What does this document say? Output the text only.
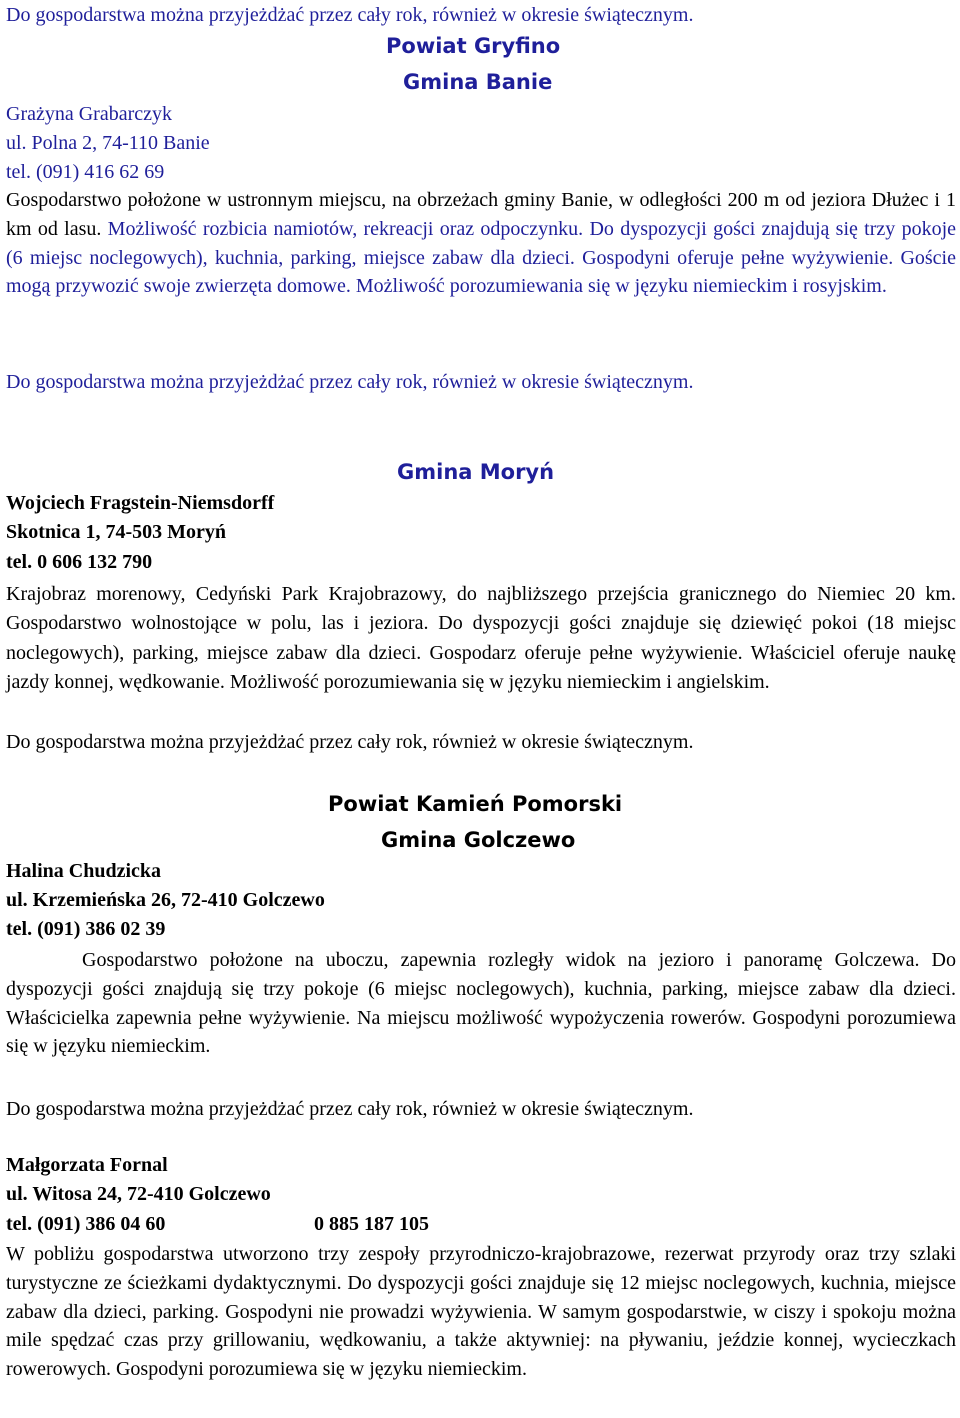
Do gospodarstwa można przyjeżdżać przez cały rok, również w okresie świątecznym.
Powiat Gryfino
Gmina Banie
Grażyna Grabarczyk
ul. Polna 2, 74-110 Banie
tel. (091) 416 62 69
Gospodarstwo położone w ustronnym miejscu, na obrzeżach gminy Banie, w odległości 200 m od jeziora Dłużec i 1 km od lasu. Możliwość rozbicia namiotów, rekreacji oraz odpoczynku. Do dyspozycji gości znajdują się trzy pokoje (6 miejsc noclegowych), kuchnia, parking, miejsce zabaw dla dzieci. Gospodyni oferuje pełne wyżywienie. Goście mogą przywozić swoje zwierzęta domowe. Możliwość porozumiewania się w języku niemieckim i rosyjskim.
Do gospodarstwa można przyjeżdżać przez cały rok, również w okresie świątecznym.
Gmina Moryń
Wojciech Fragstein-Niemsdorff
Skotnica 1, 74-503 Moryń
tel. 0 606 132 790
Krajobraz morenowy, Cedyński Park Krajobrazowy, do najbliższego przejścia granicznego do Niemiec 20 km. Gospodarstwo wolnostojące w polu, las i jeziora. Do dyspozycji gości znajduje się dziewięć pokoi (18 miejsc noclegowych), parking, miejsce zabaw dla dzieci. Gospodarz oferuje pełne wyżywienie. Właściciel oferuje naukę jazdy konnej, wędkowanie. Możliwość porozumiewania się w języku niemieckim i angielskim.
Do gospodarstwa można przyjeżdżać przez cały rok, również w okresie świątecznym.
Powiat Kamień Pomorski
Gmina Golczewo
Halina Chudzicka
ul. Krzemieńska 26, 72-410 Golczewo
tel. (091) 386 02 39
Gospodarstwo położone na uboczu, zapewnia rozległy widok na jezioro i panoramę Golczewa. Do dyspozycji gości znajdują się trzy pokoje (6 miejsc noclegowych), kuchnia, parking, miejsce zabaw dla dzieci. Właścicielka zapewnia pełne wyżywienie. Na miejscu możliwość wypożyczenia rowerów. Gospodyni porozumiewa się w języku niemieckim.
Do gospodarstwa można przyjeżdżać przez cały rok, również w okresie świątecznym.
Małgorzata Fornal
ul. Witosa 24, 72-410 Golczewo
tel. (091) 386 04 60	0 885 187 105
W pobliżu gospodarstwa utworzono trzy zespoły przyrodniczo-krajobrazowe, rezerwat przyrody oraz trzy szlaki turystyczne ze ścieżkami dydaktycznymi. Do dyspozycji gości znajduje się 12 miejsc noclegowych, kuchnia, miejsce zabaw dla dzieci, parking. Gospodyni nie prowadzi wyżywienia. W samym gospodarstwie, w ciszy i spokoju można mile spędzać czas przy grillowaniu, wędkowaniu, a także aktywniej: na pływaniu, jeździe konnej, wycieczkach rowerowych. Gospodyni porozumiewa się w języku niemieckim.
